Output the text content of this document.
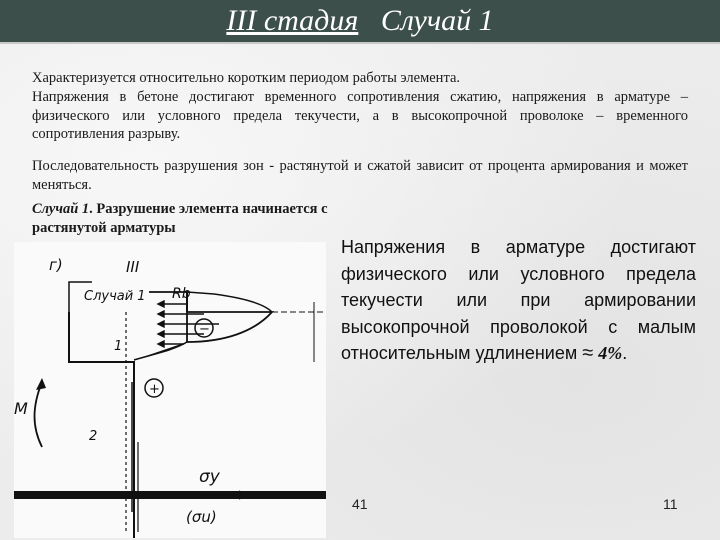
III стадия Случай 1
Характеризуется относительно коротким периодом работы элемента.
Напряжения в бетоне достигают временного сопротивления сжатию, напряжения в арматуре – физического или условного предела текучести, а в высокопрочной проволоке – временного сопротивления разрыву.
Последовательность разрушения зон - растянутой и сжатой зависит от процента армирования и может меняться.
Случай 1. Разрушение элемента начинается с растянутой арматуры
г)	III
Случай 1 Rb
−
+
1
2
M
σy
(σu)
Напряжения в арматуре достигают физического или условного предела текучести или при армировании высокопрочной проволокой с малым относительным удлинением ≈ 4%.
41	11
